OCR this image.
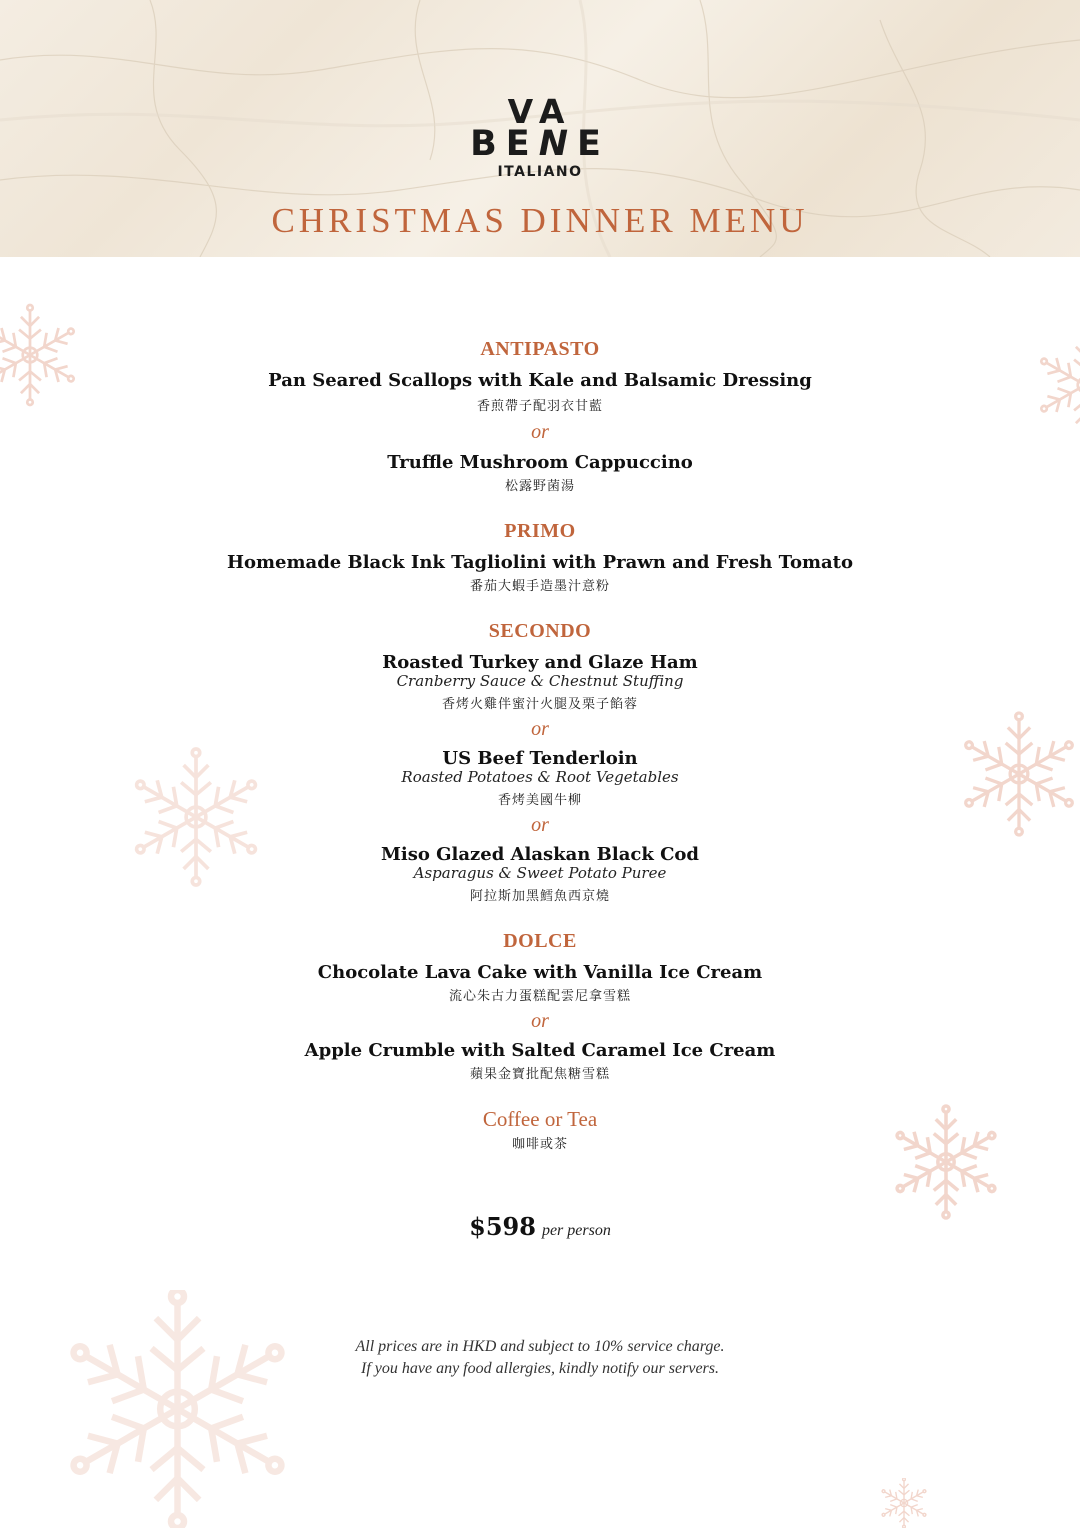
VA
BENE
ITALIANO
CHRISTMAS DINNER MENU
ANTIPASTO
Pan Seared Scallops with Kale and Balsamic Dressing
香煎帶子配羽衣甘藍
or
Truffle Mushroom Cappuccino
松露野菌湯
PRIMO
Homemade Black Ink Tagliolini with Prawn and Fresh Tomato
番茄大蝦手造墨汁意粉
SECONDO
Roasted Turkey and Glaze Ham
Cranberry Sauce & Chestnut Stuffing
香烤火雞伴蜜汁火腿及栗子餡蓉
or
US Beef Tenderloin
Roasted Potatoes & Root Vegetables
香烤美國牛柳
or
Miso Glazed Alaskan Black Cod
Asparagus & Sweet Potato Puree
阿拉斯加黑鱈魚西京燒
DOLCE
Chocolate Lava Cake with Vanilla Ice Cream
流心朱古力蛋糕配雲尼拿雪糕
or
Apple Crumble with Salted Caramel Ice Cream
蘋果金寶批配焦糖雪糕
Coffee or Tea
咖啡或茶
$598 per person
All prices are in HKD and subject to 10% service charge.
If you have any food allergies, kindly notify our servers.
